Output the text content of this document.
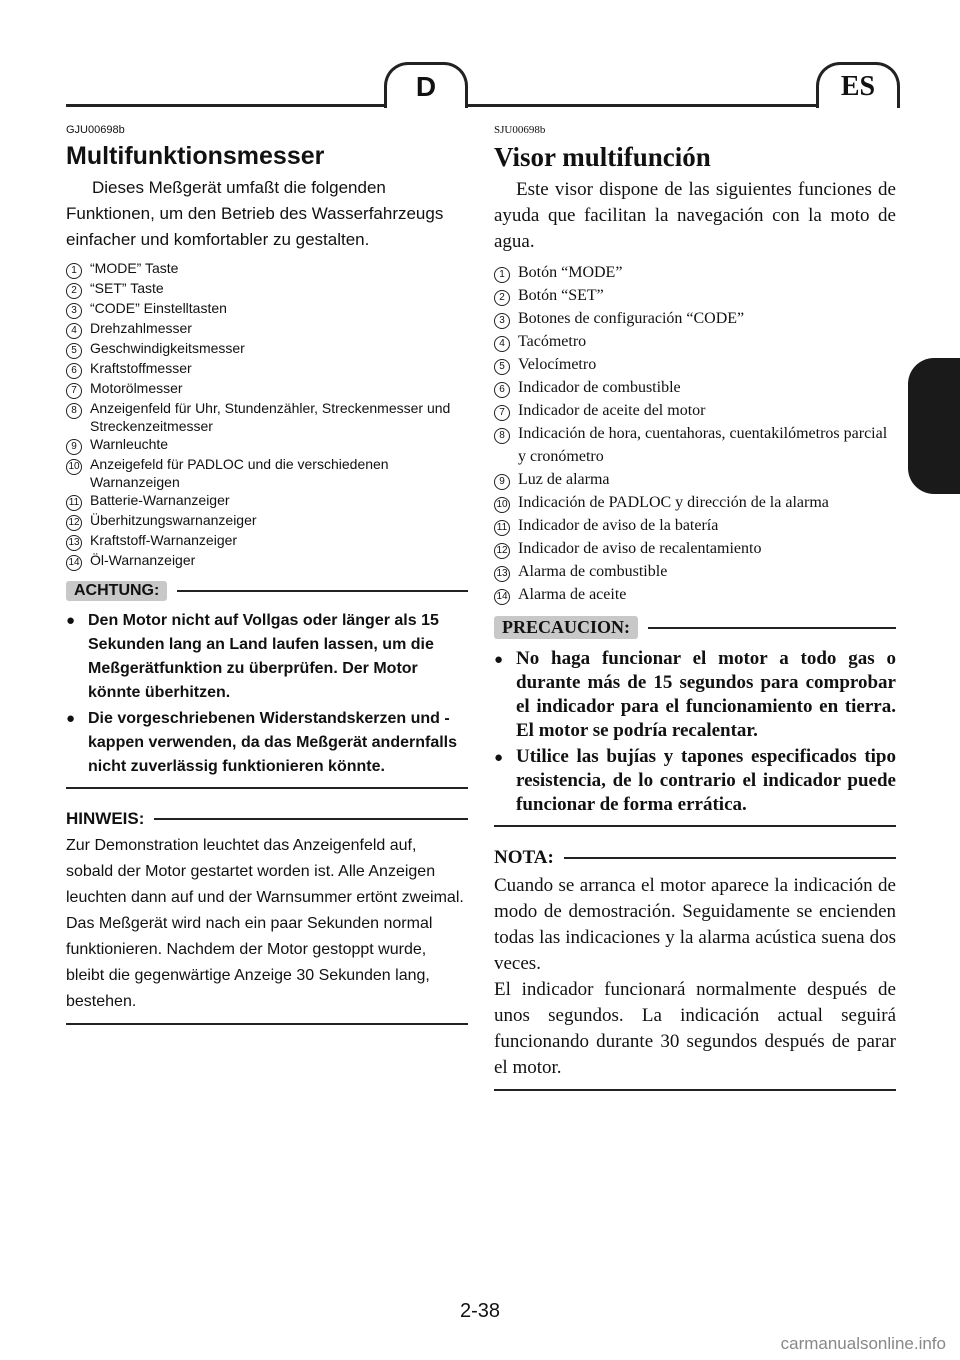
D	ES
GJU00698b
Multifunktionsmesser

Dieses Meßgerät umfaßt die folgenden Funktionen, um den Betrieb des Wasserfahrzeugs einfacher und komfortabler zu gestalten.

1 “MODE” Taste
2 “SET” Taste
3 “CODE” Einstelltasten
4 Drehzahlmesser
5 Geschwindigkeitsmesser
6 Kraftstoffmesser
7 Motorölmesser
8 Anzeigenfeld für Uhr, Stundenzähler, Streckenmesser und Streckenzeitmesser
9 Warnleuchte
10 Anzeigefeld für PADLOC und die verschiedenen Warnanzeigen
11 Batterie-Warnanzeiger
12 Überhitzungswarnanzeiger
13 Kraftstoff-Warnanzeiger
14 Öl-Warnanzeiger
ACHTUNG:
●
Den Motor nicht auf Vollgas oder länger als 15 Sekunden lang an Land laufen lassen, um die Meßgerätfunktion zu überprüfen. Der Motor könnte überhitzen.
●
Die vorgeschriebenen Widerstandskerzen und -kappen verwenden, da das Meßgerät andernfalls nicht zuverlässig funktionieren könnte.
HINWEIS:

Zur Demonstration leuchtet das Anzeigenfeld auf, sobald der Motor gestartet worden ist. Alle Anzeigen leuchten dann auf und der Warnsummer ertönt zweimal.

Das Meßgerät wird nach ein paar Sekunden normal funktionieren. Nachdem der Motor gestoppt wurde, bleibt die gegenwärtige Anzeige 30 Sekunden lang, bestehen.

SJU00698b
Visor multifunción

Este visor dispone de las siguientes funciones de ayuda que facilitan la navegación con la moto de agua.

1 Botón “MODE”
2 Botón “SET”
3 Botones de configuración “CODE”
4 Tacómetro
5 Velocímetro
6 Indicador de combustible
7 Indicador de aceite del motor
8 Indicación de hora, cuentahoras, cuentakilómetros parcial y cronómetro
9 Luz de alarma
10 Indicación de PADLOC y dirección de la alarma
11 Indicador de aviso de la batería
12 Indicador de aviso de recalentamiento
13 Alarma de combustible
14 Alarma de aceite
PRECAUCION:
●
No haga funcionar el motor a todo gas o durante más de 15 segundos para comprobar el indicador para el funcionamiento en tierra. El motor se podría recalentar.
●
Utilice las bujías y tapones especificados tipo resistencia, de lo contrario el indicador puede funcionar de forma errática.
NOTA:

Cuando se arranca el motor aparece la indicación de modo de demostración. Seguidamente se encienden todas las indicaciones y la alarma acústica suena dos veces.

El indicador funcionará normalmente después de unos segundos. La indicación actual seguirá funcionando durante 30 segundos después de parar el motor.

2-38
carmanualsonline.info
